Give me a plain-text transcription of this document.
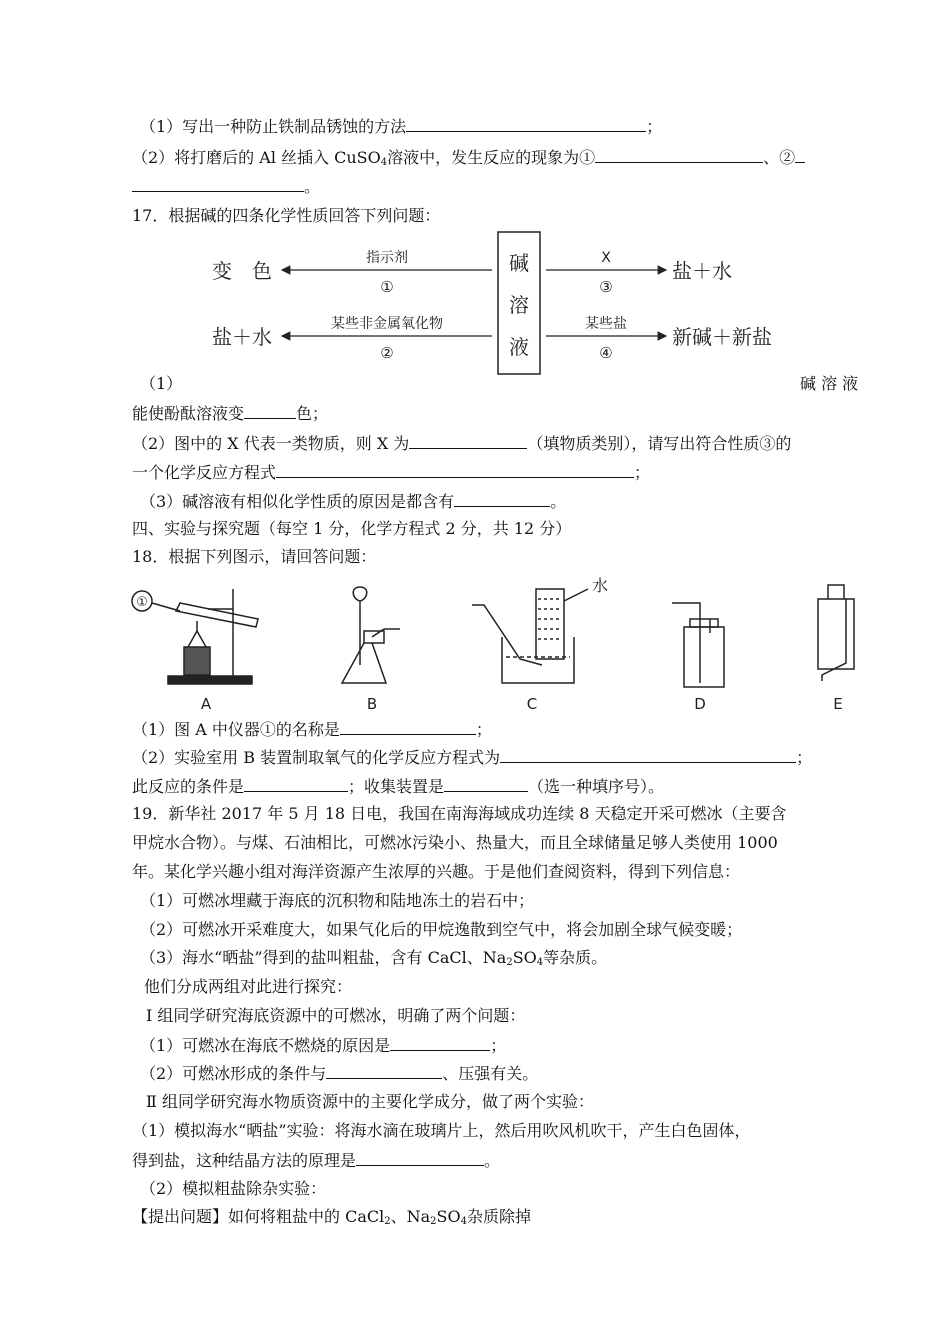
（1）写出一种防止铁制品锈蚀的方法	；
（2）将打磨后的 Al 丝插入 CuSO$_4$溶液中，发生反应的现象为①	、②
。
17．根据碱的四条化学性质回答下列问题：
碱
溶
液
变　色
盐＋水
盐＋水
新碱＋新盐
指示剂
①
某些非金属氧化物
②
X
③
某些盐
④
（1）	碱 溶 液
能使酚酞溶液变	色；
（2）图中的 X 代表一类物质，则 X 为	（填物质类别），请写出符合性质③的
一个化学反应方程式	；
（3）碱溶液有相似化学性质的原因是都含有	。
四、实验与探究题（每空 1 分，化学方程式 2 分，共 12 分）
18．根据下列图示，请回答问题：
①
水
A	B	C	D	E
（1）图 A 中仪器①的名称是	；
（2）实验室用 B 装置制取氧气的化学反应方程式为	；
此反应的条件是	；收集装置是	（选一种填序号）。
19．新华社 2017 年 5 月 18 日电，我国在南海海域成功连续 8 天稳定开采可燃冰（主要含
甲烷水合物）。与煤、石油相比，可燃冰污染小、热量大，而且全球储量足够人类使用 1000
年。某化学兴趣小组对海洋资源产生浓厚的兴趣。于是他们查阅资料，得到下列信息：
（1）可燃冰埋藏于海底的沉积物和陆地冻土的岩石中；
（2）可燃冰开采难度大，如果气化后的甲烷逸散到空气中，将会加剧全球气候变暖；
（3）海水“晒盐”得到的盐叫粗盐，含有 CaCl、$Na_2SO_4$等杂质。
他们分成两组对此进行探究：
Ⅰ 组同学研究海底资源中的可燃冰，明确了两个问题：
（1）可燃冰在海底不燃烧的原因是	；
（2）可燃冰形成的条件与	、压强有关。
Ⅱ 组同学研究海水物质资源中的主要化学成分，做了两个实验：
（1）模拟海水“晒盐”实验：将海水滴在玻璃片上，然后用吹风机吹干，产生白色固体，
得到盐，这种结晶方法的原理是	。
（2）模拟粗盐除杂实验：
【提出问题】如何将粗盐中的 CaCl$_2$、$Na_2SO_4$杂质除掉
